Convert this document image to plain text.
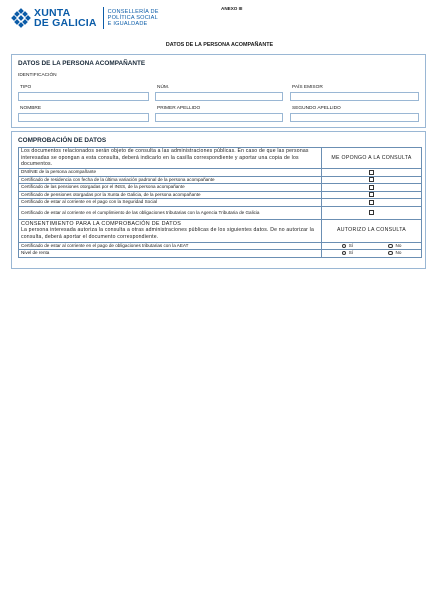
XUNTA
DE GALICIA
CONSELLERÍA DE
POLÍTICA SOCIAL
E IGUALDADE
ANEXO III
DATOS DE LA PERSONA ACOMPAÑANTE
DATOS DE LA PERSONA ACOMPAÑANTE
IDENTIFICACIÓN
TIPO	NÚM.	PAÍS EMISOR
NOMBRE	PRIMER APELLIDO	SEGUNDO APELLIDO
COMPROBACIÓN DE DATOS
Los documentos relacionados serán objeto de consulta a las administraciones públicas. En caso de que las personas interesadas se opongan a esta consulta, deberá indicarlo en la casilla correspondiente y aportar una copia de los documentos.	ME OPONGO A LA CONSULTA
DNI/NIE de la persona acompañante	
Certificado de residencia con fecha de la última variación padronal de la persona acompañante	
Certificado de las pensiones otorgadas por el INSS, de la persona acompañante	
Certificado de pensiones otorgadas por la Xunta de Galicia, de la persona acompañante	
Certificado de estar al corriente en el pago con la Seguridad Social	
Certificado de estar al corriente en el cumplimiento de las obligaciones tributarias con la Agencia Tributaria de Galicia	

CONSENTIMIENTO PARA LA COMPROBACIÓN DE DATOS
La persona interesada autoriza la consulta a otras administraciones públicas de los siguientes datos. De no autorizar la consulta, deberá aportar el documento correspondiente.	AUTORIZO LA CONSULTA
Certificado de estar al corriente en el pago de obligaciones tributarias con la AEAT	Sí No

Nivel de renta	Sí No
